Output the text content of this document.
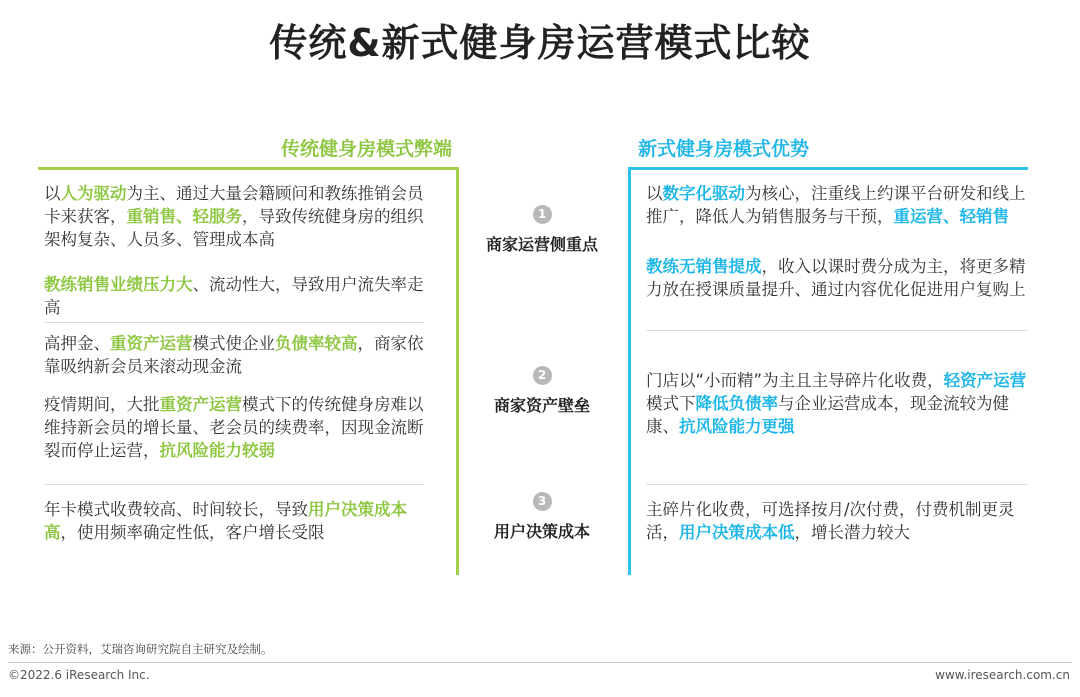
传统&新式健身房运营模式比较
传统健身房模式弊端	新式健身房模式优势

以人为驱动为主、通过大量会籍顾问和教练推销会员卡来获客，重销售、轻服务，导致传统健身房的组织架构复杂、人员多、管理成本高

教练销售业绩压力大、流动性大，导致用户流失率走高

高押金、重资产运营模式使企业负债率较高，商家依靠吸纳新会员来滚动现金流

疫情期间，大批重资产运营模式下的传统健身房难以维持新会员的增长量、老会员的续费率，因现金流断裂而停止运营，抗风险能力较弱

年卡模式收费较高、时间较长，导致用户决策成本高，使用频率确定性低，客户增长受限

1
商家运营侧重点
2
商家资产壁垒
3
用户决策成本

以数字化驱动为核心，注重线上约课平台研发和线上推广，降低人为销售服务与干预，重运营、轻销售

教练无销售提成，收入以课时费分成为主，将更多精力放在授课质量提升、通过内容优化促进用户复购上

门店以“小而精”为主且主导碎片化收费，轻资产运营模式下降低负债率与企业运营成本，现金流较为健康、抗风险能力更强

主碎片化收费，可选择按月/次付费，付费机制更灵活，用户决策成本低，增长潜力较大

来源：公开资料，艾瑞咨询研究院自主研究及绘制。
©2022.6 iResearch Inc.	www.iresearch.com.cn
